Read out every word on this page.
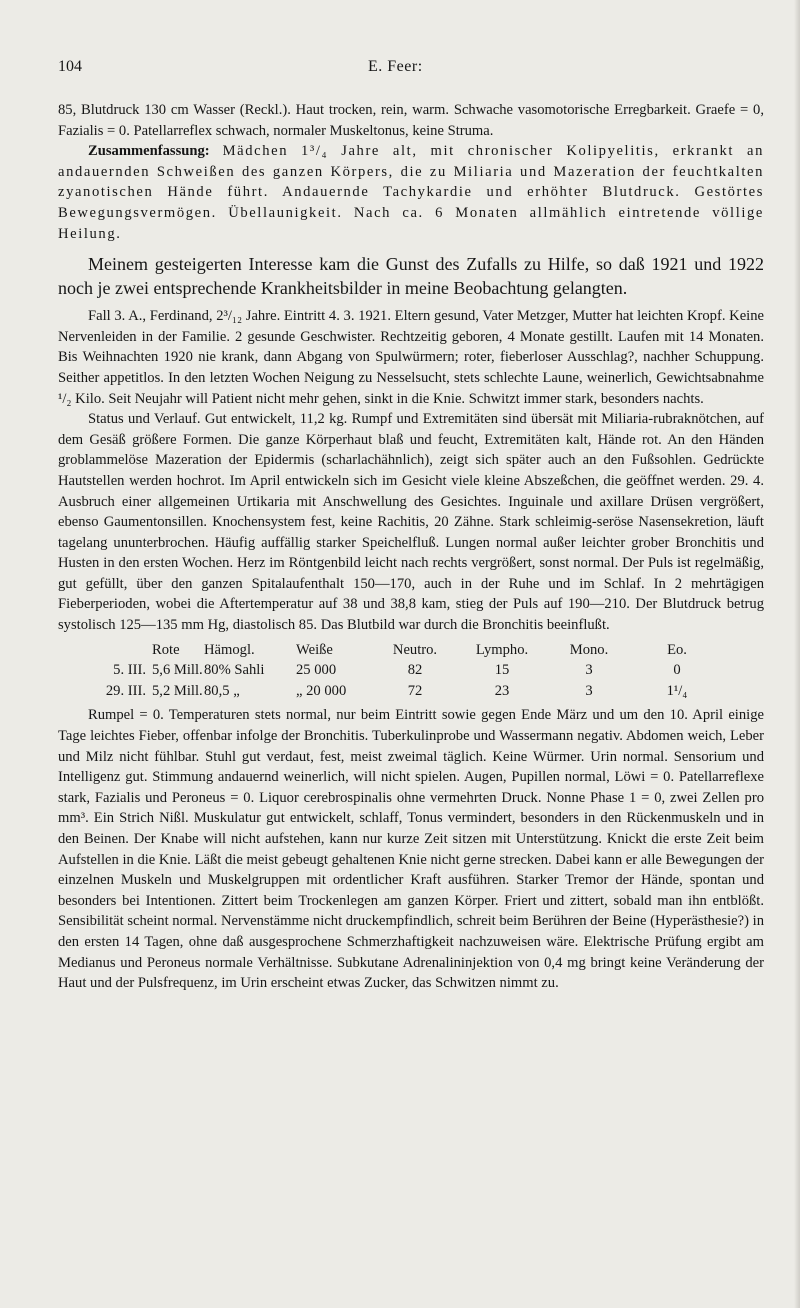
104	E. Feer:

85, Blutdruck 130 cm Wasser (Reckl.). Haut trocken, rein, warm. Schwache vasomotorische Erregbarkeit. Graefe = 0, Fazialis = 0. Patellarreflex schwach, normaler Muskeltonus, keine Struma.

Zusammenfassung: Mädchen 1³/₄ Jahre alt, mit chronischer Kolipyelitis, erkrankt an andauernden Schweißen des ganzen Körpers, die zu Miliaria und Mazeration der feuchtkalten zyanotischen Hände führt. Andauernde Tachykardie und erhöhter Blutdruck. Gestörtes Bewegungsvermögen. Übellaunigkeit. Nach ca. 6 Monaten allmählich eintretende völlige Heilung.

Meinem gesteigerten Interesse kam die Gunst des Zufalls zu Hilfe, so daß 1921 und 1922 noch je zwei entsprechende Krankheitsbilder in meine Beobachtung gelangten.

Fall 3. A., Ferdinand, 2³/₁₂ Jahre. Eintritt 4. 3. 1921. Eltern gesund, Vater Metzger, Mutter hat leichten Kropf. Keine Nervenleiden in der Familie. 2 gesunde Geschwister. Rechtzeitig geboren, 4 Monate gestillt. Laufen mit 14 Monaten. Bis Weihnachten 1920 nie krank, dann Abgang von Spulwürmern; roter, fieberloser Ausschlag?, nachher Schuppung. Seither appetitlos. In den letzten Wochen Neigung zu Nesselsucht, stets schlechte Laune, weinerlich, Gewichtsabnahme ¹/₂ Kilo. Seit Neujahr will Patient nicht mehr gehen, sinkt in die Knie. Schwitzt immer stark, besonders nachts.

Status und Verlauf. Gut entwickelt, 11,2 kg. Rumpf und Extremitäten sind übersät mit Miliaria-rubraknötchen, auf dem Gesäß größere Formen. Die ganze Körperhaut blaß und feucht, Extremitäten kalt, Hände rot. An den Händen groblammelöse Mazeration der Epidermis (scharlachähnlich), zeigt sich später auch an den Fußsohlen. Gedrückte Hautstellen werden hochrot. Im April entwickeln sich im Gesicht viele kleine Abszeßchen, die geöffnet werden. 29. 4. Ausbruch einer allgemeinen Urtikaria mit Anschwellung des Gesichtes. Inguinale und axillare Drüsen vergrößert, ebenso Gaumentonsillen. Knochensystem fest, keine Rachitis, 20 Zähne. Stark schleimig-seröse Nasensekretion, läuft tagelang ununterbrochen. Häufig auffällig starker Speichelfluß. Lungen normal außer leichter grober Bronchitis und Husten in den ersten Wochen. Herz im Röntgenbild leicht nach rechts vergrößert, sonst normal. Der Puls ist regelmäßig, gut gefüllt, über den ganzen Spitalaufenthalt 150—170, auch in der Ruhe und im Schlaf. In 2 mehrtägigen Fieberperioden, wobei die Aftertemperatur auf 38 und 38,8 kam, stieg der Puls auf 190—210. Der Blutdruck betrug systolisch 125—135 mm Hg, diastolisch 85. Das Blutbild war durch die Bronchitis beeinflußt.

	Rote	Hämogl.	Weiße	Neutro.	Lympho.	Mono.	Eo.
5. III.	5,6 Mill.	80% Sahli	25 000	82	15	3	0
29. III.	5,2 Mill.	80,5 „	„ 20 000	72	23	3	1¹/₄

Rumpel = 0. Temperaturen stets normal, nur beim Eintritt sowie gegen Ende März und um den 10. April einige Tage leichtes Fieber, offenbar infolge der Bronchitis. Tuberkulinprobe und Wassermann negativ. Abdomen weich, Leber und Milz nicht fühlbar. Stuhl gut verdaut, fest, meist zweimal täglich. Keine Würmer. Urin normal. Sensorium und Intelligenz gut. Stimmung andauernd weinerlich, will nicht spielen. Augen, Pupillen normal, Löwi = 0. Patellarreflexe stark, Fazialis und Peroneus = 0. Liquor cerebrospinalis ohne vermehrten Druck. Nonne Phase 1 = 0, zwei Zellen pro mm³. Ein Strich Nißl. Muskulatur gut entwickelt, schlaff, Tonus vermindert, besonders in den Rückenmuskeln und in den Beinen. Der Knabe will nicht aufstehen, kann nur kurze Zeit sitzen mit Unterstützung. Knickt die erste Zeit beim Aufstellen in die Knie. Läßt die meist gebeugt gehaltenen Knie nicht gerne strecken. Dabei kann er alle Bewegungen der einzelnen Muskeln und Muskelgruppen mit ordentlicher Kraft ausführen. Starker Tremor der Hände, spontan und besonders bei Intentionen. Zittert beim Trockenlegen am ganzen Körper. Friert und zittert, sobald man ihn entblößt. Sensibilität scheint normal. Nervenstämme nicht druckempfindlich, schreit beim Berühren der Beine (Hyperästhesie?) in den ersten 14 Tagen, ohne daß ausgesprochene Schmerzhaftigkeit nachzuweisen wäre. Elektrische Prüfung ergibt am Medianus und Peroneus normale Verhältnisse. Subkutane Adrenalininjektion von 0,4 mg bringt keine Veränderung der Haut und der Pulsfrequenz, im Urin erscheint etwas Zucker, das Schwitzen nimmt zu.
